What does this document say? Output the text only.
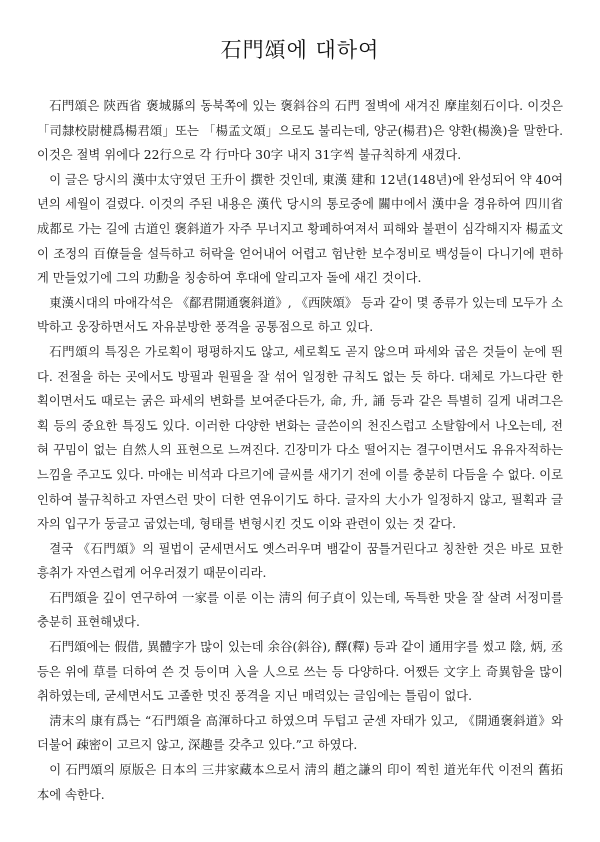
石門頌에 대하여

石門頌은 陝西省 褒城縣의 동북쪽에 있는 褒斜谷의 石門 절벽에 새겨진 摩崖刻石이다. 이것은 「司隸校尉楗爲楊君頌」또는 「楊孟文頌」으로도 불리는데, 양군(楊君)은 양환(楊渙)을 말한다. 이것은 절벽 위에다 22行으로 각 行마다 30字 내지 31字씩 불규칙하게 새겼다.

이 글은 당시의 漢中太守였던 王升이 撰한 것인데, 東漢 建和 12년(148년)에 완성되어 약 40여 년의 세월이 걸렸다. 이것의 주된 내용은 漢代 당시의 통로중에 關中에서 漢中을 경유하여 四川省 成都로 가는 길에 古道인 褒斜道가 자주 무너지고 황폐하여져서 피해와 불편이 심각해지자 楊孟文이 조정의 百僚들을 설득하고 허락을 얻어내어 어렵고 험난한 보수정비로 백성들이 다니기에 편하게 만들었기에 그의 功勳을 칭송하여 후대에 알리고자 돌에 새긴 것이다.

東漢시대의 마애각석은 《鄐君開通褒斜道》, 《西陝頌》 등과 같이 몇 종류가 있는데 모두가 소박하고 웅장하면서도 자유분방한 풍격을 공통점으로 하고 있다.

石門頌의 특징은 가로획이 평평하지도 않고, 세로획도 곧지 않으며 파세와 굽은 것들이 눈에 띈다. 전절을 하는 곳에서도 방필과 원필을 잘 섞어 일정한 규칙도 없는 듯 하다. 대체로 가느다란 한 획이면서도 때로는 굵은 파세의 변화를 보여준다든가, 命, 升, 誦 등과 같은 특별히 길게 내려그은 획 등의 중요한 특징도 있다. 이러한 다양한 변화는 글쓴이의 천진스럽고 소탈함에서 나오는데, 전혀 꾸밈이 없는 自然人의 표현으로 느껴진다. 긴장미가 다소 떨어지는 결구이면서도 유유자적하는 느낌을 주고도 있다. 마애는 비석과 다르기에 글씨를 새기기 전에 이를 충분히 다듬을 수 없다. 이로 인하여 불규칙하고 자연스런 맛이 더한 연유이기도 하다. 글자의 大小가 일정하지 않고, 필획과 글자의 입구가 둥글고 굽었는데, 형태를 변형시킨 것도 이와 관련이 있는 것 같다.

결국 《石門頌》의 필법이 굳세면서도 옛스러우며 뱀같이 꿈틀거린다고 칭찬한 것은 바로 묘한 흥취가 자연스럽게 어우러졌기 때문이리라.

石門頌을 깊이 연구하여 一家를 이룬 이는 淸의 何子貞이 있는데, 독특한 맛을 잘 살려 서정미를 충분히 표현해냈다.

石門頌에는 假借, 異體字가 많이 있는데 余谷(斜谷), 醳(釋) 등과 같이 通用字를 썼고 陰, 炳, 丞 등은 위에 草를 더하여 쓴 것 등이며 入을 人으로 쓰는 등 다양하다. 어쨌든 文字上 奇異함을 많이 취하였는데, 굳세면서도 고졸한 멋진 풍격을 지닌 매력있는 글임에는 틀림이 없다.

淸末의 康有爲는 “石門頌을 高渾하다고 하였으며 두텁고 굳센 자태가 있고, 《開通褒斜道》와 더불어 疎密이 고르지 않고, 深趣를 갖추고 있다.”고 하였다.

이 石門頌의 原版은 日本의 三井家藏本으로서 淸의 趙之謙의 印이 찍힌 道光年代 이전의 舊拓本에 속한다.
